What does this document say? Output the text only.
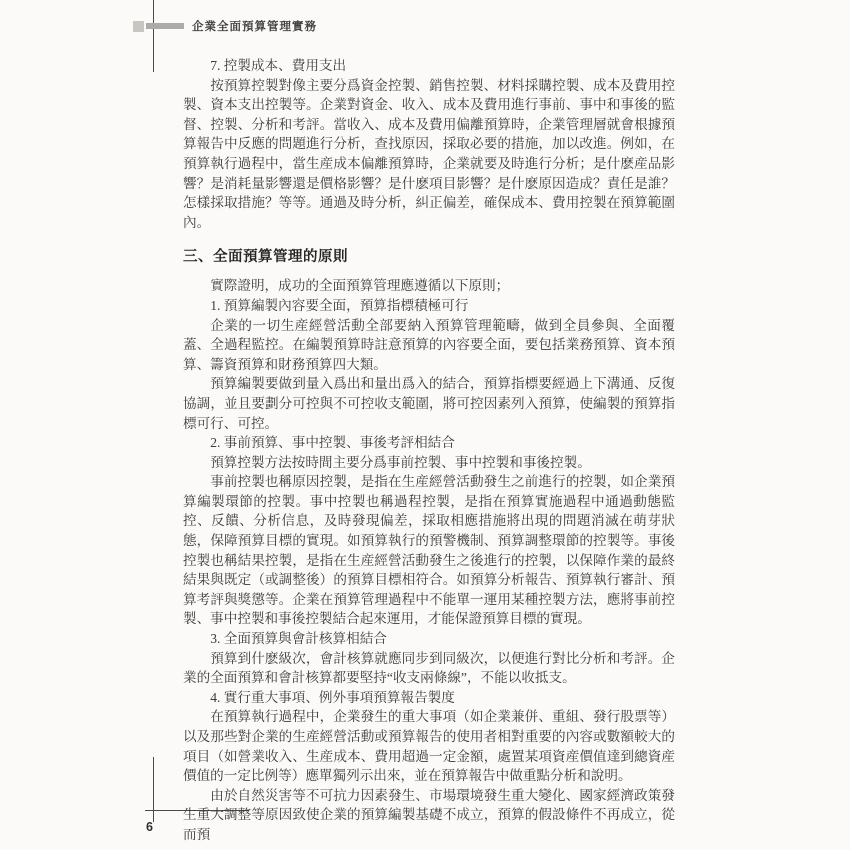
企業全面預算管理實務

7. 控製成本、費用支出

按預算控製對像主要分爲資金控製、銷售控製、材料採購控製、成本及費用控製、資本支出控製等。企業對資金、收入、成本及費用進行事前、事中和事後的監督、控製、分析和考評。當收入、成本及費用偏離預算時，企業管理層就會根據預算報告中反應的問題進行分析，查找原因，採取必要的措施，加以改進。例如，在預算執行過程中，當生産成本偏離預算時，企業就要及時進行分析；是什麽産品影響？是消耗量影響還是價格影響？是什麽項目影響？是什麽原因造成？責任是誰？怎樣採取措施？等等。通過及時分析，糾正偏差，確保成本、費用控製在預算範圍內。

三、全面預算管理的原則

實際證明，成功的全面預算管理應遵循以下原則；

1. 預算編製內容要全面，預算指標積極可行

企業的一切生産經營活動全部要納入預算管理範疇，做到全員參與、全面覆蓋、全過程監控。在編製預算時註意預算的內容要全面，要包括業務預算、資本預算、籌資預算和財務預算四大類。

預算編製要做到量入爲出和量出爲入的結合，預算指標要經過上下溝通、反復協調，並且要劃分可控與不可控收支範圍，將可控因素列入預算，使編製的預算指標可行、可控。

2. 事前預算、事中控製、事後考評相結合

預算控製方法按時間主要分爲事前控製、事中控製和事後控製。

事前控製也稱原因控製，是指在生産經營活動發生之前進行的控製，如企業預算編製環節的控製。事中控製也稱過程控製，是指在預算實施過程中通過動態監控、反饋、分析信息，及時發現偏差，採取相應措施將出現的問題消滅在萌芽狀態，保障預算目標的實現。如預算執行的預警機制、預算調整環節的控製等。事後控製也稱結果控製，是指在生産經營活動發生之後進行的控製，以保障作業的最終結果與既定（或調整後）的預算目標相符合。如預算分析報告、預算執行審計、預算考評與獎懲等。企業在預算管理過程中不能單一運用某種控製方法，應將事前控製、事中控製和事後控製結合起來運用，才能保證預算目標的實現。

3. 全面預算與會計核算相結合

預算到什麽級次，會計核算就應同步到同級次，以便進行對比分析和考評。企業的全面預算和會計核算都要堅持“收支兩條線”，不能以收抵支。

4. 實行重大事項、例外事項預算報告製度

在預算執行過程中，企業發生的重大事項（如企業兼併、重組、發行股票等）以及那些對企業的生産經營活動或預算報告的使用者相對重要的內容或數額較大的項目（如營業收入、生産成本、費用超過一定金額，處置某項資産價值達到總資産價值的一定比例等）應單獨列示出來，並在預算報告中做重點分析和說明。

由於自然災害等不可抗力因素發生、市場環境發生重大變化、國家經濟政策發生重大調整等原因致使企業的預算編製基礎不成立，預算的假設條件不再成立，從而預

6
